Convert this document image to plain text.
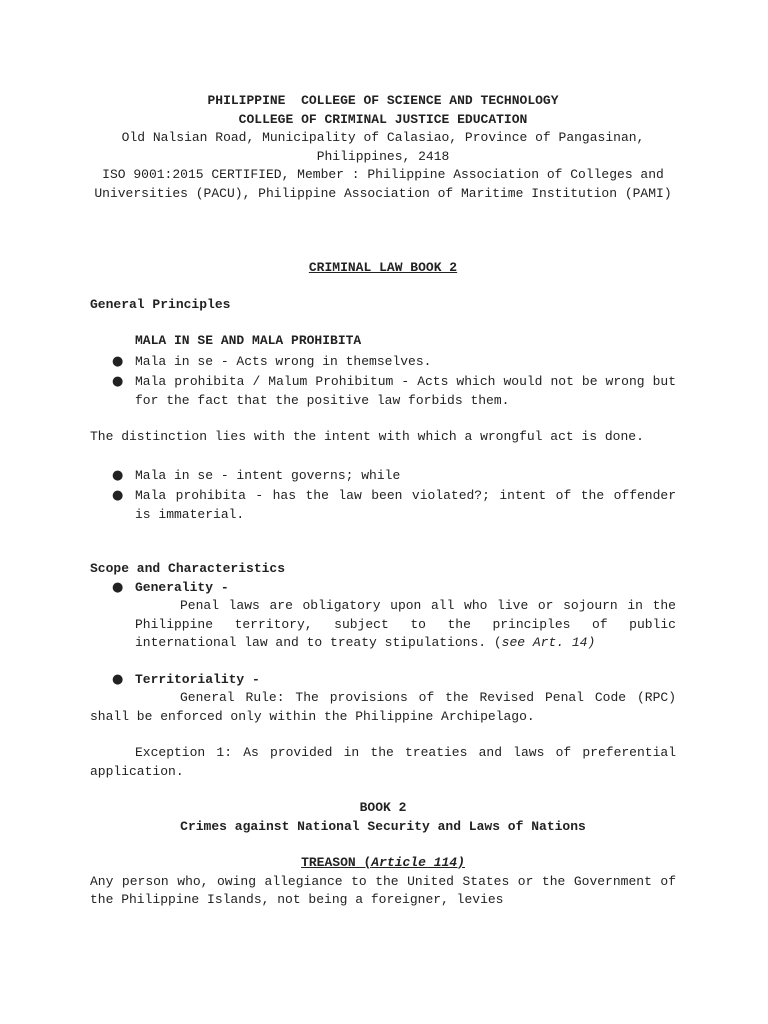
PHILIPPINE  COLLEGE OF SCIENCE AND TECHNOLOGY
COLLEGE OF CRIMINAL JUSTICE EDUCATION
Old Nalsian Road, Municipality of Calasiao, Province of Pangasinan, Philippines, 2418
ISO 9001:2015 CERTIFIED, Member : Philippine Association of Colleges and Universities (PACU), Philippine Association of Maritime Institution (PAMI)
CRIMINAL LAW BOOK 2
General Principles
MALA IN SE AND MALA PROHIBITA
● Mala in se - Acts wrong in themselves.
● Mala prohibita / Malum Prohibitum - Acts which would not be wrong but for the fact that the positive law forbids them.
The distinction lies with the intent with which a wrongful act is done.
● Mala in se - intent governs; while
● Mala prohibita - has the law been violated?; intent of the offender is immaterial.
Scope and Characteristics
● Generality -
Penal laws are obligatory upon all who live or sojourn in the Philippine territory, subject to the principles of public international law and to treaty stipulations. (see Art. 14)
● Territoriality -
General Rule: The provisions of the Revised Penal Code (RPC) shall be enforced only within the Philippine Archipelago.
Exception 1: As provided in the treaties and laws of preferential application.
BOOK 2
Crimes against National Security and Laws of Nations
TREASON (Article 114)
Any person who, owing allegiance to the United States or the Government of the Philippine Islands, not being a foreigner, levies
